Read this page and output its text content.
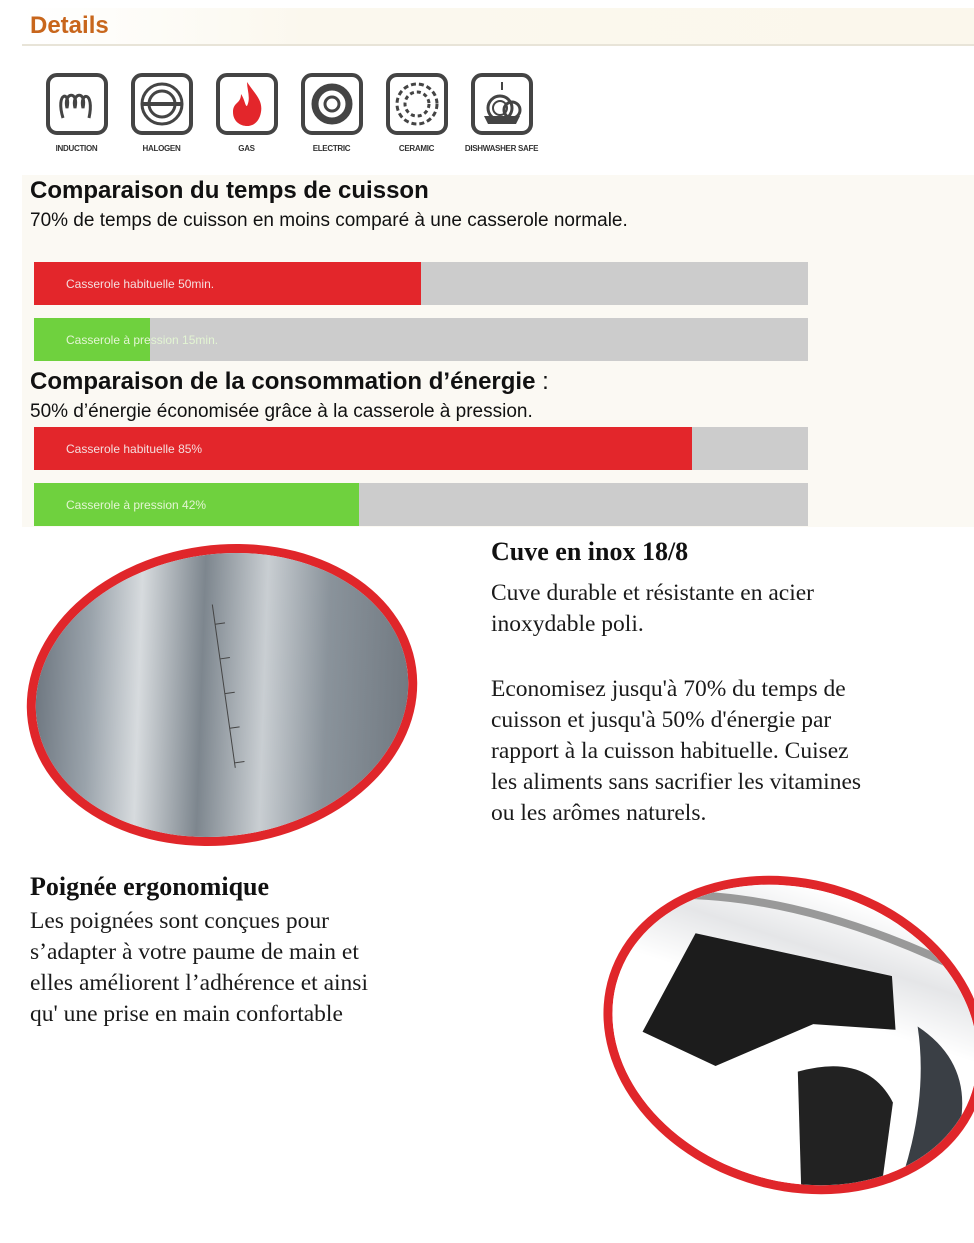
Details
INDUCTION	HALOGEN	GAS	ELECTRIC	CERAMIC	DISHWASHER SAFE
Comparaison du temps de cuisson
70% de temps de cuisson en moins comparé à une casserole normale.
Casserole habituelle 50min.
Casserole à pression 15min.
Comparaison de la consommation d’énergie :
50% d’énergie économisée grâce à la casserole à pression.
Casserole habituelle 85%
Casserole à pression 42%
Cuve en inox 18/8
Cuve durable et résistante en acier
inoxydable poli.
Economisez jusqu'à 70% du temps de
cuisson et jusqu'à 50% d'énergie par
rapport à la cuisson habituelle. Cuisez
les aliments sans sacrifier les vitamines
ou les arômes naturels.
Poignée ergonomique
Les poignées sont conçues pour
s’adapter à votre paume de main et
elles améliorent l’adhérence et ainsi
qu' une prise en main confortable
